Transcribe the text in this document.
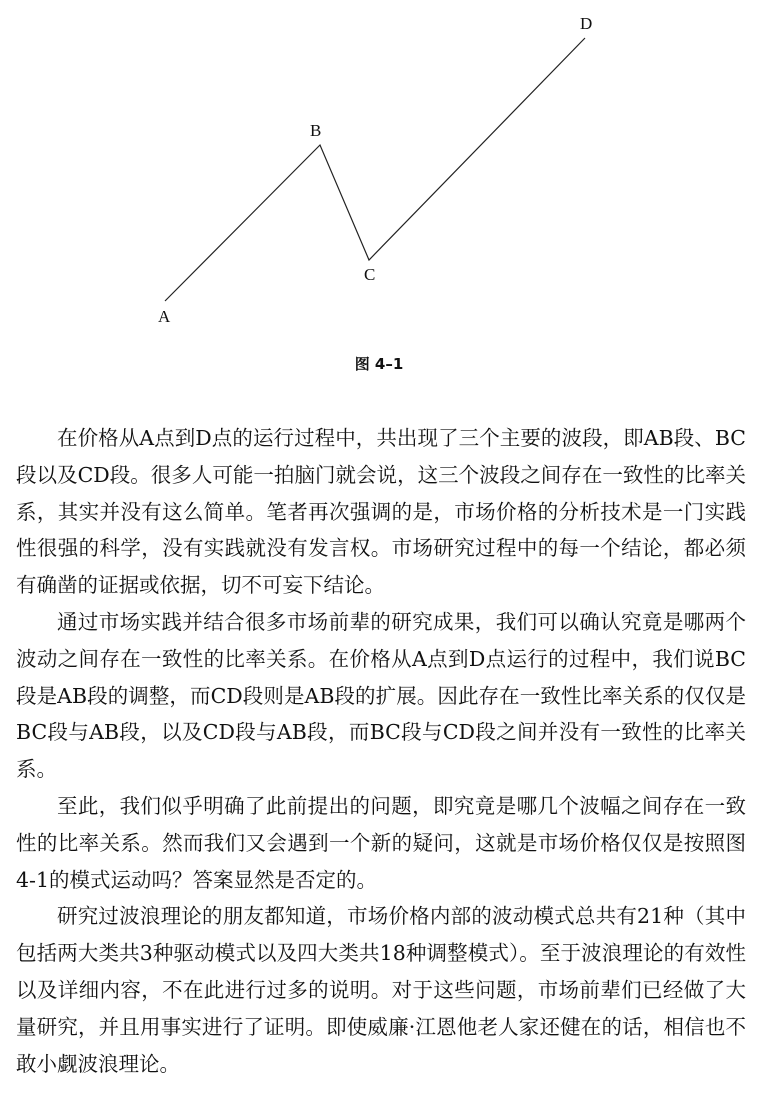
A
B
C
D
图 4–1

在价格从A点到D点的运行过程中，共出现了三个主要的波段，即AB段、BC段以及CD段。很多人可能一拍脑门就会说，这三个波段之间存在一致性的比率关系，其实并没有这么简单。笔者再次强调的是，市场价格的分析技术是一门实践性很强的科学，没有实践就没有发言权。市场研究过程中的每一个结论，都必须有确凿的证据或依据，切不可妄下结论。

通过市场实践并结合很多市场前辈的研究成果，我们可以确认究竟是哪两个波动之间存在一致性的比率关系。在价格从A点到D点运行的过程中，我们说BC段是AB段的调整，而CD段则是AB段的扩展。因此存在一致性比率关系的仅仅是BC段与AB段，以及CD段与AB段，而BC段与CD段之间并没有一致性的比率关系。

至此，我们似乎明确了此前提出的问题，即究竟是哪几个波幅之间存在一致性的比率关系。然而我们又会遇到一个新的疑问，这就是市场价格仅仅是按照图4-1的模式运动吗？答案显然是否定的。

研究过波浪理论的朋友都知道，市场价格内部的波动模式总共有21种（其中包括两大类共3种驱动模式以及四大类共18种调整模式）。至于波浪理论的有效性以及详细内容，不在此进行过多的说明。对于这些问题，市场前辈们已经做了大量研究，并且用事实进行了证明。即使威廉·江恩他老人家还健在的话，相信也不敢小觑波浪理论。
